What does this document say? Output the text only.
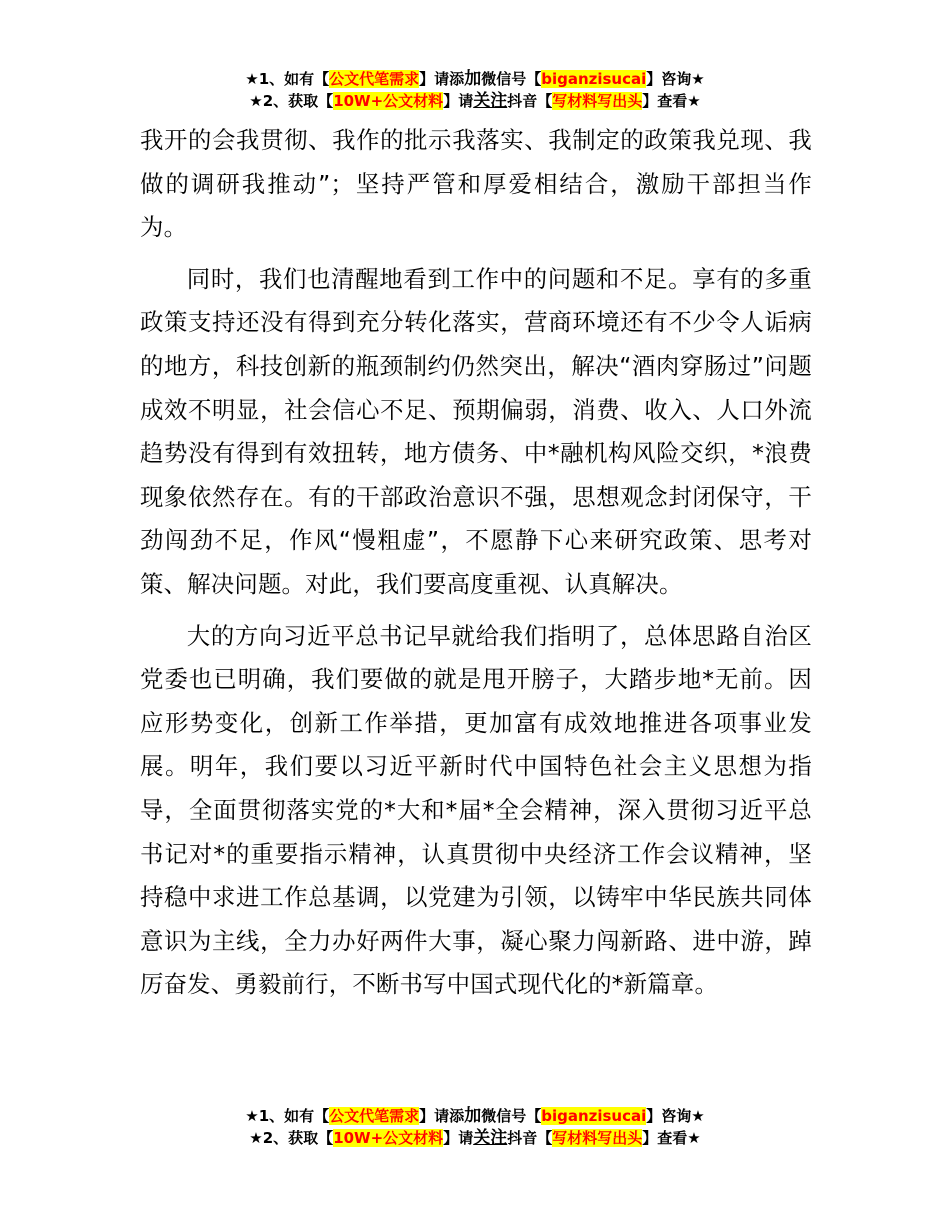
★1、如有【公文代笔需求】请添加微信号【biganzisucai】咨询★
★2、获取【10W+公文材料】请关注抖音【写材料写出头】查看★

我开的会我贯彻、我作的批示我落实、我制定的政策我兑现、我做的调研我推动”；坚持严管和厚爱相结合，激励干部担当作为。

同时，我们也清醒地看到工作中的问题和不足。享有的多重政策支持还没有得到充分转化落实，营商环境还有不少令人诟病的地方，科技创新的瓶颈制约仍然突出，解决“酒肉穿肠过”问题成效不明显，社会信心不足、预期偏弱，消费、收入、人口外流趋势没有得到有效扭转，地方债务、中*融机构风险交织，*浪费现象依然存在。有的干部政治意识不强，思想观念封闭保守，干劲闯劲不足，作风“慢粗虚”，不愿静下心来研究政策、思考对策、解决问题。对此，我们要高度重视、认真解决。

大的方向习近平总书记早就给我们指明了，总体思路自治区党委也已明确，我们要做的就是甩开膀子，大踏步地*无前。因应形势变化，创新工作举措，更加富有成效地推进各项事业发展。明年，我们要以习近平新时代中国特色社会主义思想为指导，全面贯彻落实党的*大和*届*全会精神，深入贯彻习近平总书记对*的重要指示精神，认真贯彻中央经济工作会议精神，坚持稳中求进工作总基调，以党建为引领，以铸牢中华民族共同体意识为主线，全力办好两件大事，凝心聚力闯新路、进中游，踔厉奋发、勇毅前行，不断书写中国式现代化的*新篇章。

★1、如有【公文代笔需求】请添加微信号【biganzisucai】咨询★
★2、获取【10W+公文材料】请关注抖音【写材料写出头】查看★
